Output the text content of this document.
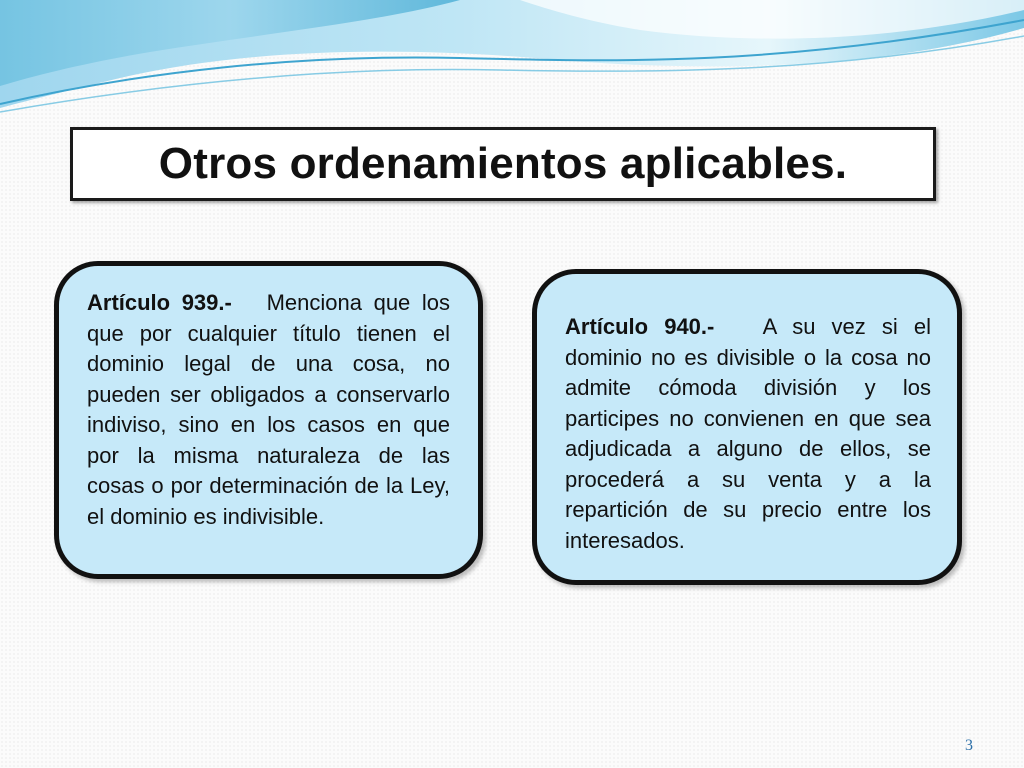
Otros ordenamientos aplicables.

Artículo 939.- Menciona que los que por cualquier título tienen el dominio legal de una cosa, no pueden ser obligados a conservarlo indiviso, sino en los casos en que por la misma naturaleza de las cosas o por determinación de la Ley, el dominio es indivisible.

Artículo 940.- A su vez si el dominio no es divisible o la cosa no admite cómoda división y los participes no convienen en que sea adjudicada a alguno de ellos, se procederá a su venta y a la repartición de su precio entre los interesados.

3
